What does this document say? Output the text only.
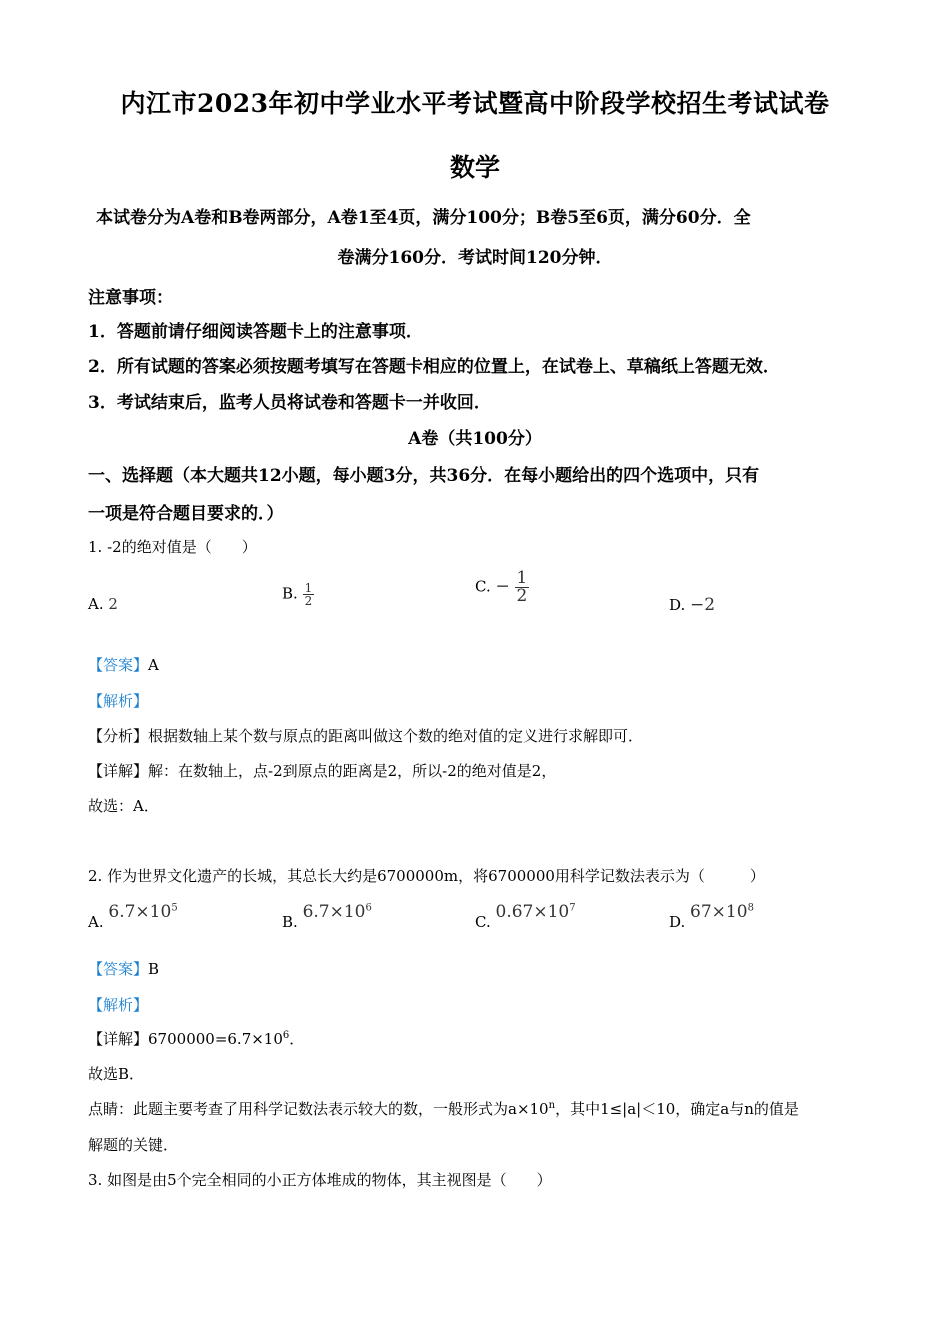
内江市2023年初中学业水平考试暨高中阶段学校招生考试试卷
数学
本试卷分为A卷和B卷两部分，A卷1至4页，满分100分；B卷5至6页，满分60分．全
卷满分160分．考试时间120分钟．
注意事项：
1．答题前请仔细阅读答题卡上的注意事项．
2．所有试题的答案必须按题考填写在答题卡相应的位置上，在试卷上、草稿纸上答题无效．
3．考试结束后，监考人员将试卷和答题卡一并收回．
A卷（共100分）
一、选择题（本大题共12小题，每小题3分，共36分．在每小题给出的四个选项中，只有
一项是符合题目要求的．）
1. -2的绝对值是（　　）
A. 2
B. $\frac{1}{2}$	C. − $\frac{1}{2}$	D. −2
【答案】A
【解析】
【分析】根据数轴上某个数与原点的距离叫做这个数的绝对值的定义进行求解即可．
【详解】解：在数轴上，点-2到原点的距离是2，所以-2的绝对值是2，
故选：A．
2. 作为世界文化遗产的长城，其总长大约是6700000m，将6700000用科学记数法表示为（　　　）
A. $6.7\times 10^5$
B. $6.7\times 10^6$
C. $0.67\times 10^7$
D. $67\times 10^8$
【答案】B
【解析】
【详解】$6700000=6.7\times 10^6$．
故选B．
点睛：此题主要考查了用科学记数法表示较大的数，一般形式为$a\times 10^n$，其中1≤|a|＜10，确定a与n的值是
解题的关键．
3. 如图是由5个完全相同的小正方体堆成的物体，其主视图是（　　）
